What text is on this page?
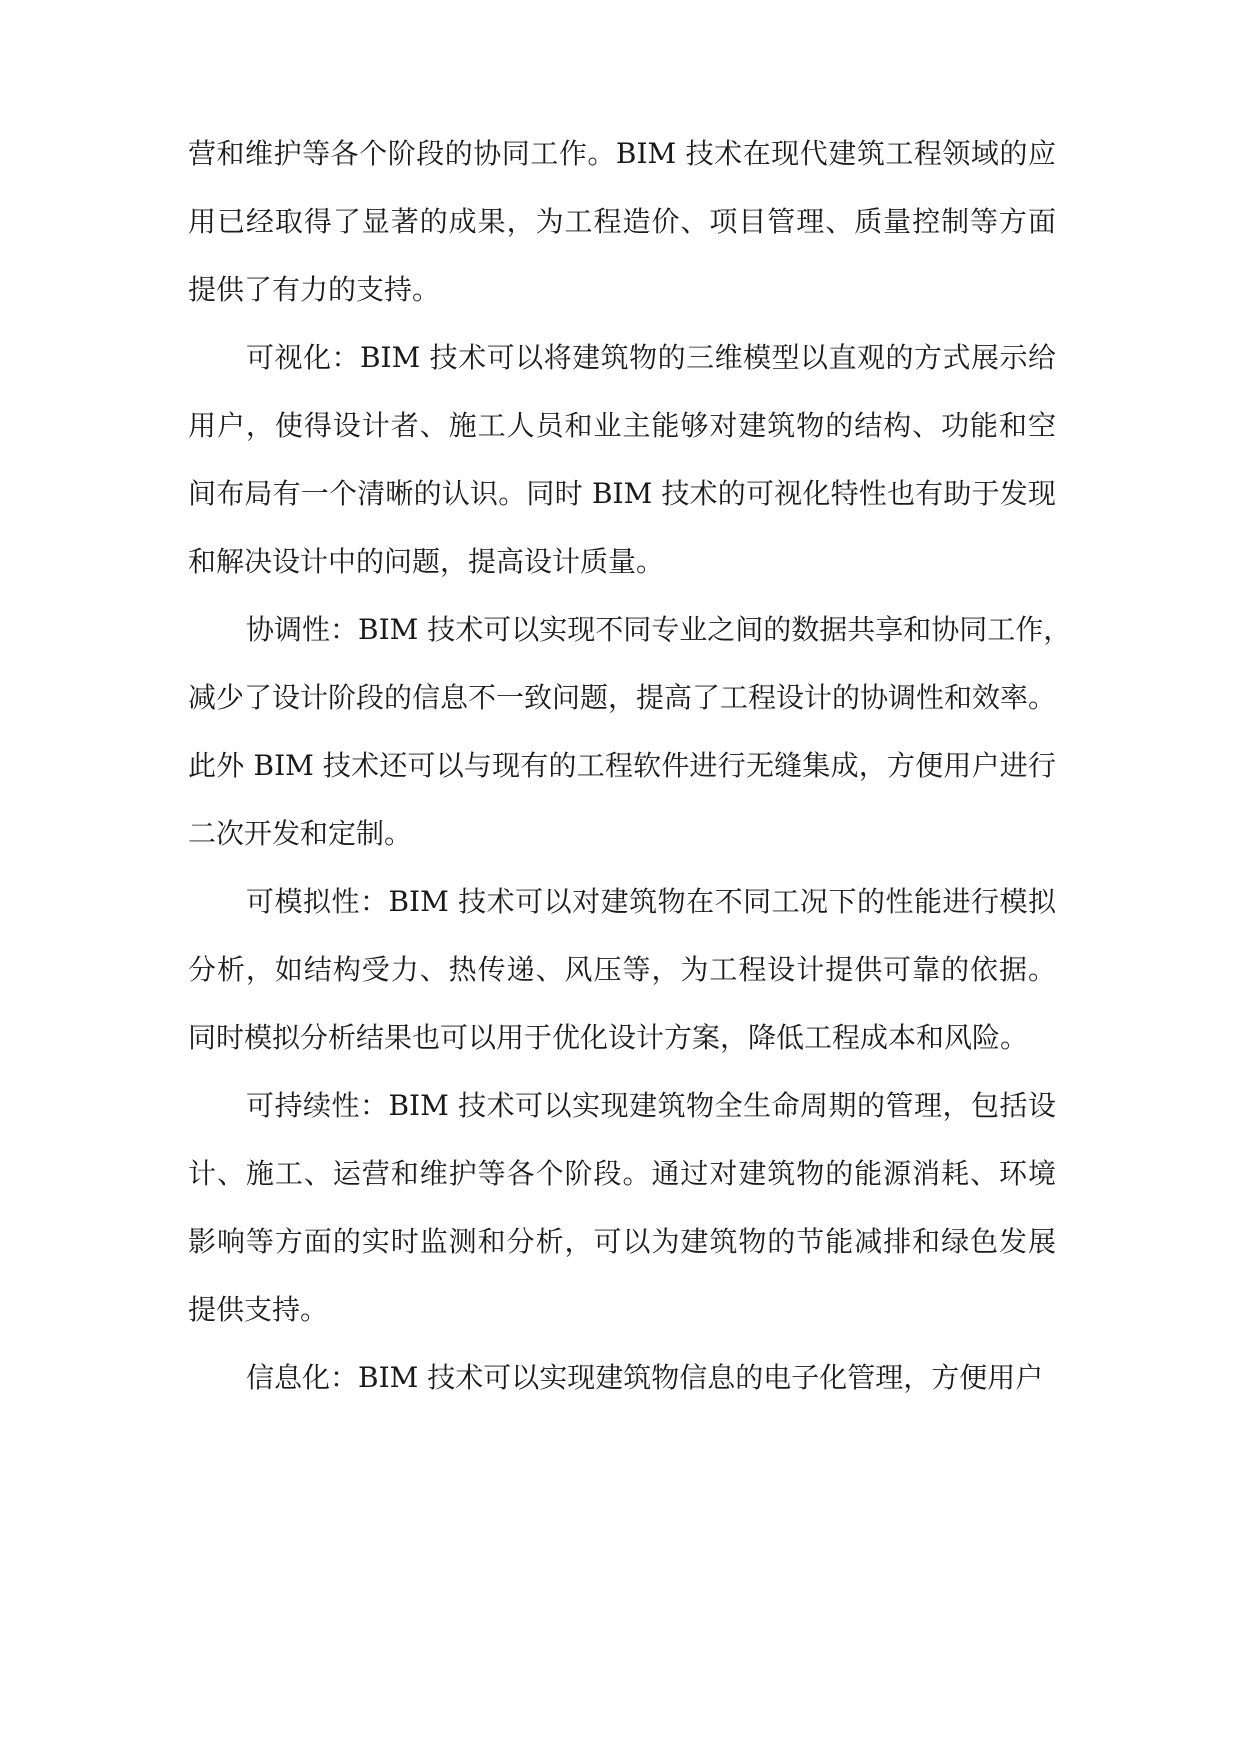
营和维护等各个阶段的协同工作。BIM 技术在现代建筑工程领域的应
用已经取得了显著的成果，为工程造价、项目管理、质量控制等方面
提供了有力的支持。
可视化：BIM 技术可以将建筑物的三维模型以直观的方式展示给
用户，使得设计者、施工人员和业主能够对建筑物的结构、功能和空
间布局有一个清晰的认识。同时 BIM 技术的可视化特性也有助于发现
和解决设计中的问题，提高设计质量。
协调性：BIM 技术可以实现不同专业之间的数据共享和协同工作，
减少了设计阶段的信息不一致问题，提高了工程设计的协调性和效率。
此外 BIM 技术还可以与现有的工程软件进行无缝集成，方便用户进行
二次开发和定制。
可模拟性：BIM 技术可以对建筑物在不同工况下的性能进行模拟
分析，如结构受力、热传递、风压等，为工程设计提供可靠的依据。
同时模拟分析结果也可以用于优化设计方案，降低工程成本和风险。
可持续性：BIM 技术可以实现建筑物全生命周期的管理，包括设
计、施工、运营和维护等各个阶段。通过对建筑物的能源消耗、环境
影响等方面的实时监测和分析，可以为建筑物的节能减排和绿色发展
提供支持。
信息化：BIM 技术可以实现建筑物信息的电子化管理，方便用户
